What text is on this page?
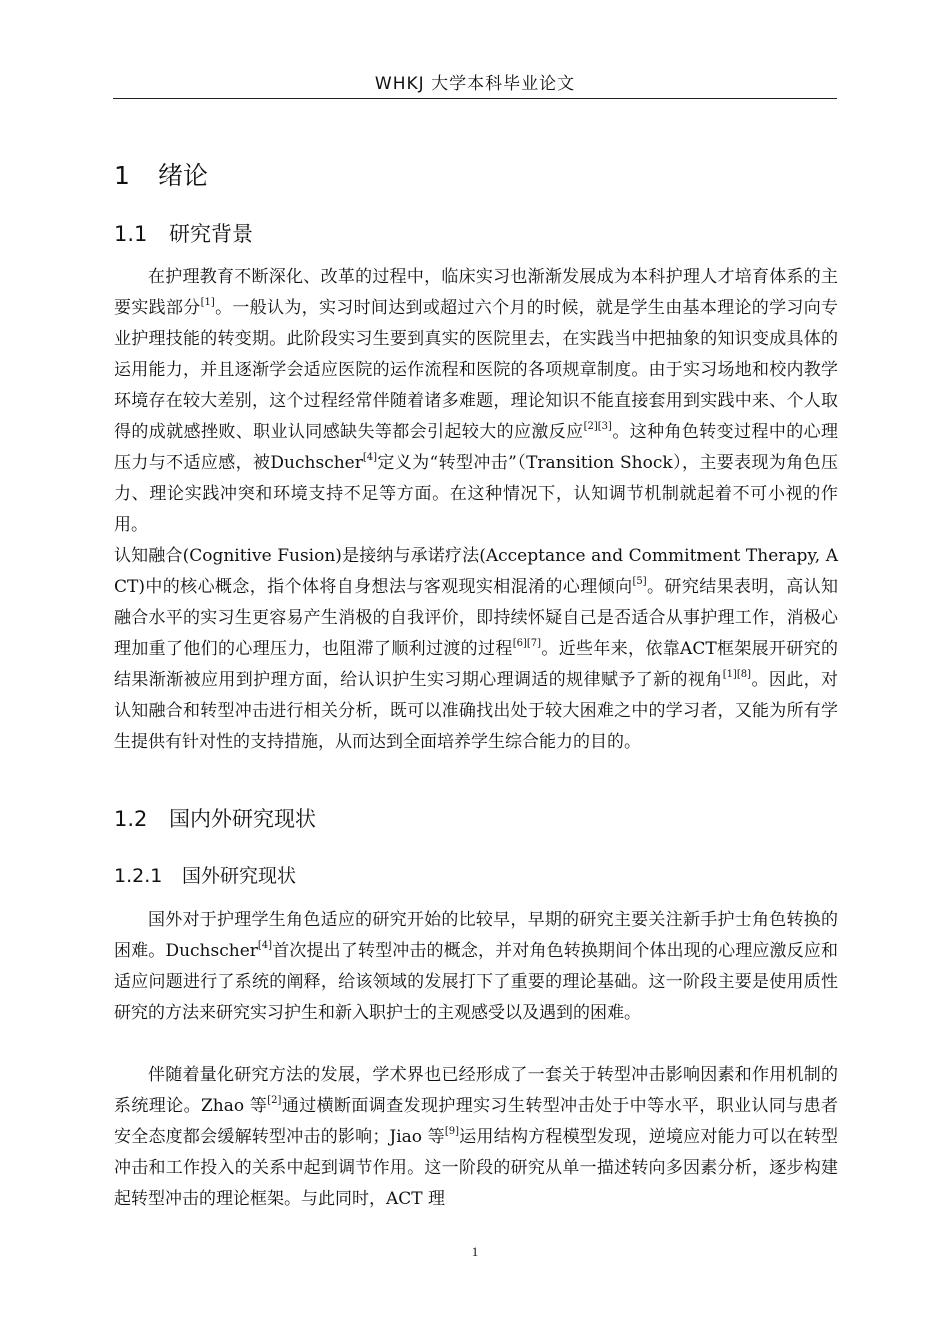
WHKJ 大学本科毕业论文
1 绪论
1.1 研究背景
在护理教育不断深化、改革的过程中，临床实习也渐渐发展成为本科护理人才培育体系的主要实践部分[1]。一般认为，实习时间达到或超过六个月的时候，就是学生由基本理论的学习向专业护理技能的转变期。此阶段实习生要到真实的医院里去，在实践当中把抽象的知识变成具体的运用能力，并且逐渐学会适应医院的运作流程和医院的各项规章制度。由于实习场地和校内教学环境存在较大差别，这个过程经常伴随着诸多难题，理论知识不能直接套用到实践中来、个人取得的成就感挫败、职业认同感缺失等都会引起较大的应激反应[2][3]。这种角色转变过程中的心理压力与不适应感，被Duchscher[4]定义为“转型冲击”（Transition Shock），主要表现为角色压力、理论实践冲突和环境支持不足等方面。在这种情况下，认知调节机制就起着不可小视的作用。
认知融合(Cognitive Fusion)是接纳与承诺疗法(Acceptance and Commitment Therapy, ACT)中的核心概念，指个体将自身想法与客观现实相混淆的心理倾向[5]。研究结果表明，高认知融合水平的实习生更容易产生消极的自我评价，即持续怀疑自己是否适合从事护理工作，消极心理加重了他们的心理压力，也阻滞了顺利过渡的过程[6][7]。近些年来，依靠ACT框架展开研究的结果渐渐被应用到护理方面，给认识护生实习期心理调适的规律赋予了新的视角[1][8]。因此，对认知融合和转型冲击进行相关分析，既可以准确找出处于较大困难之中的学习者，又能为所有学生提供有针对性的支持措施，从而达到全面培养学生综合能力的目的。
1.2 国内外研究现状
1.2.1 国外研究现状
国外对于护理学生角色适应的研究开始的比较早，早期的研究主要关注新手护士角色转换的困难。Duchscher[4]首次提出了转型冲击的概念，并对角色转换期间个体出现的心理应激反应和适应问题进行了系统的阐释，给该领域的发展打下了重要的理论基础。这一阶段主要是使用质性研究的方法来研究实习护生和新入职护士的主观感受以及遇到的困难。
伴随着量化研究方法的发展，学术界也已经形成了一套关于转型冲击影响因素和作用机制的系统理论。Zhao 等[2]通过横断面调查发现护理实习生转型冲击处于中等水平，职业认同与患者安全态度都会缓解转型冲击的影响；Jiao 等[9]运用结构方程模型发现，逆境应对能力可以在转型冲击和工作投入的关系中起到调节作用。这一阶段的研究从单一描述转向多因素分析，逐步构建起转型冲击的理论框架。与此同时，ACT 理
1
